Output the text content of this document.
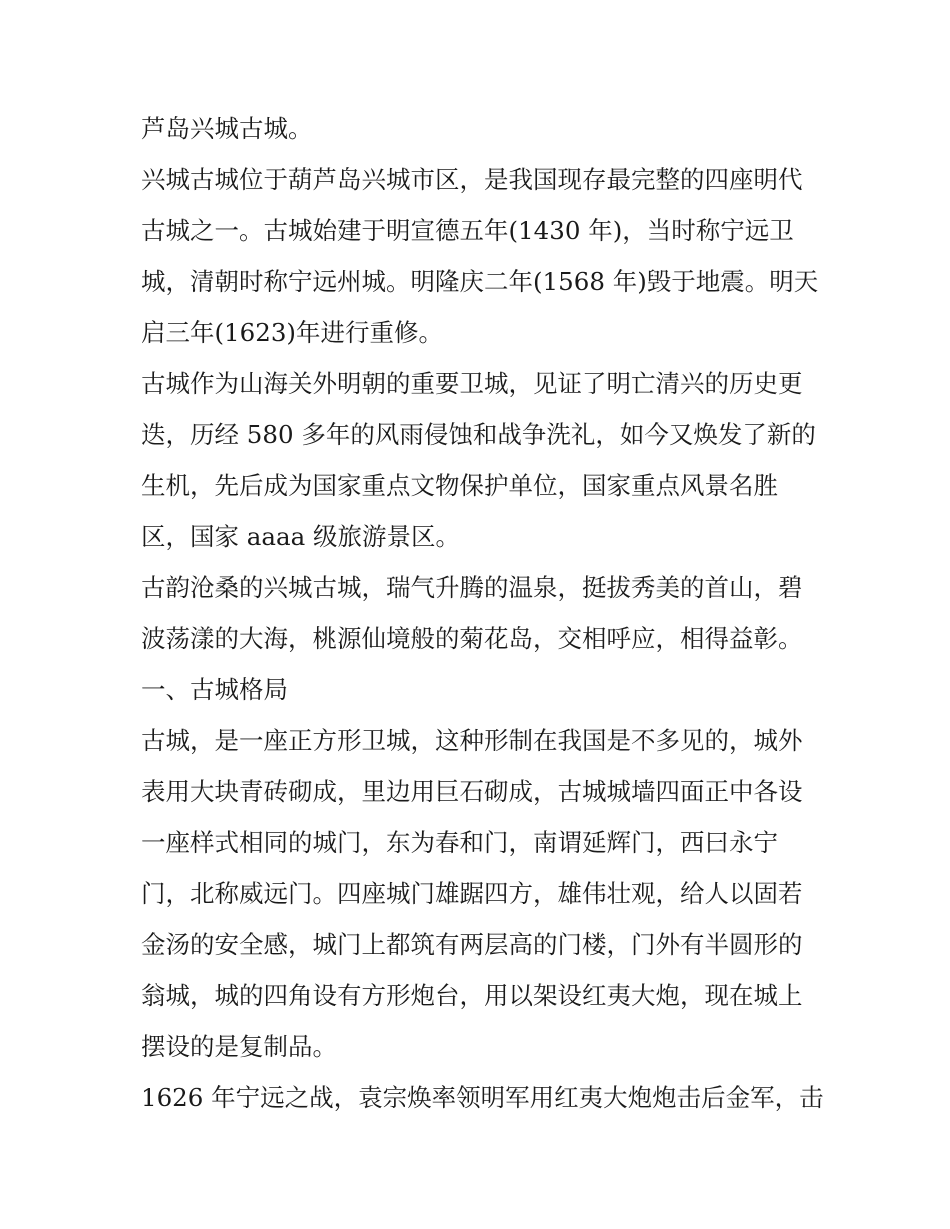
芦岛兴城古城。
兴城古城位于葫芦岛兴城市区，是我国现存最完整的四座明代
古城之一。古城始建于明宣德五年(1430 年)，当时称宁远卫
城，清朝时称宁远州城。明隆庆二年(1568 年)毁于地震。明天
启三年(1623)年进行重修。
古城作为山海关外明朝的重要卫城，见证了明亡清兴的历史更
迭，历经 580 多年的风雨侵蚀和战争洗礼，如今又焕发了新的
生机，先后成为国家重点文物保护单位，国家重点风景名胜
区，国家 aaaa 级旅游景区。
古韵沧桑的兴城古城，瑞气升腾的温泉，挺拔秀美的首山，碧
波荡漾的大海，桃源仙境般的菊花岛，交相呼应，相得益彰。
一、古城格局
古城，是一座正方形卫城，这种形制在我国是不多见的，城外
表用大块青砖砌成，里边用巨石砌成，古城城墙四面正中各设
一座样式相同的城门，东为春和门，南谓延辉门，西曰永宁
门，北称威远门。四座城门雄踞四方，雄伟壮观，给人以固若
金汤的安全感，城门上都筑有两层高的门楼，门外有半圆形的
翁城，城的四角设有方形炮台，用以架设红夷大炮，现在城上
摆设的是复制品。
1626 年宁远之战，袁宗焕率领明军用红夷大炮炮击后金军，击
